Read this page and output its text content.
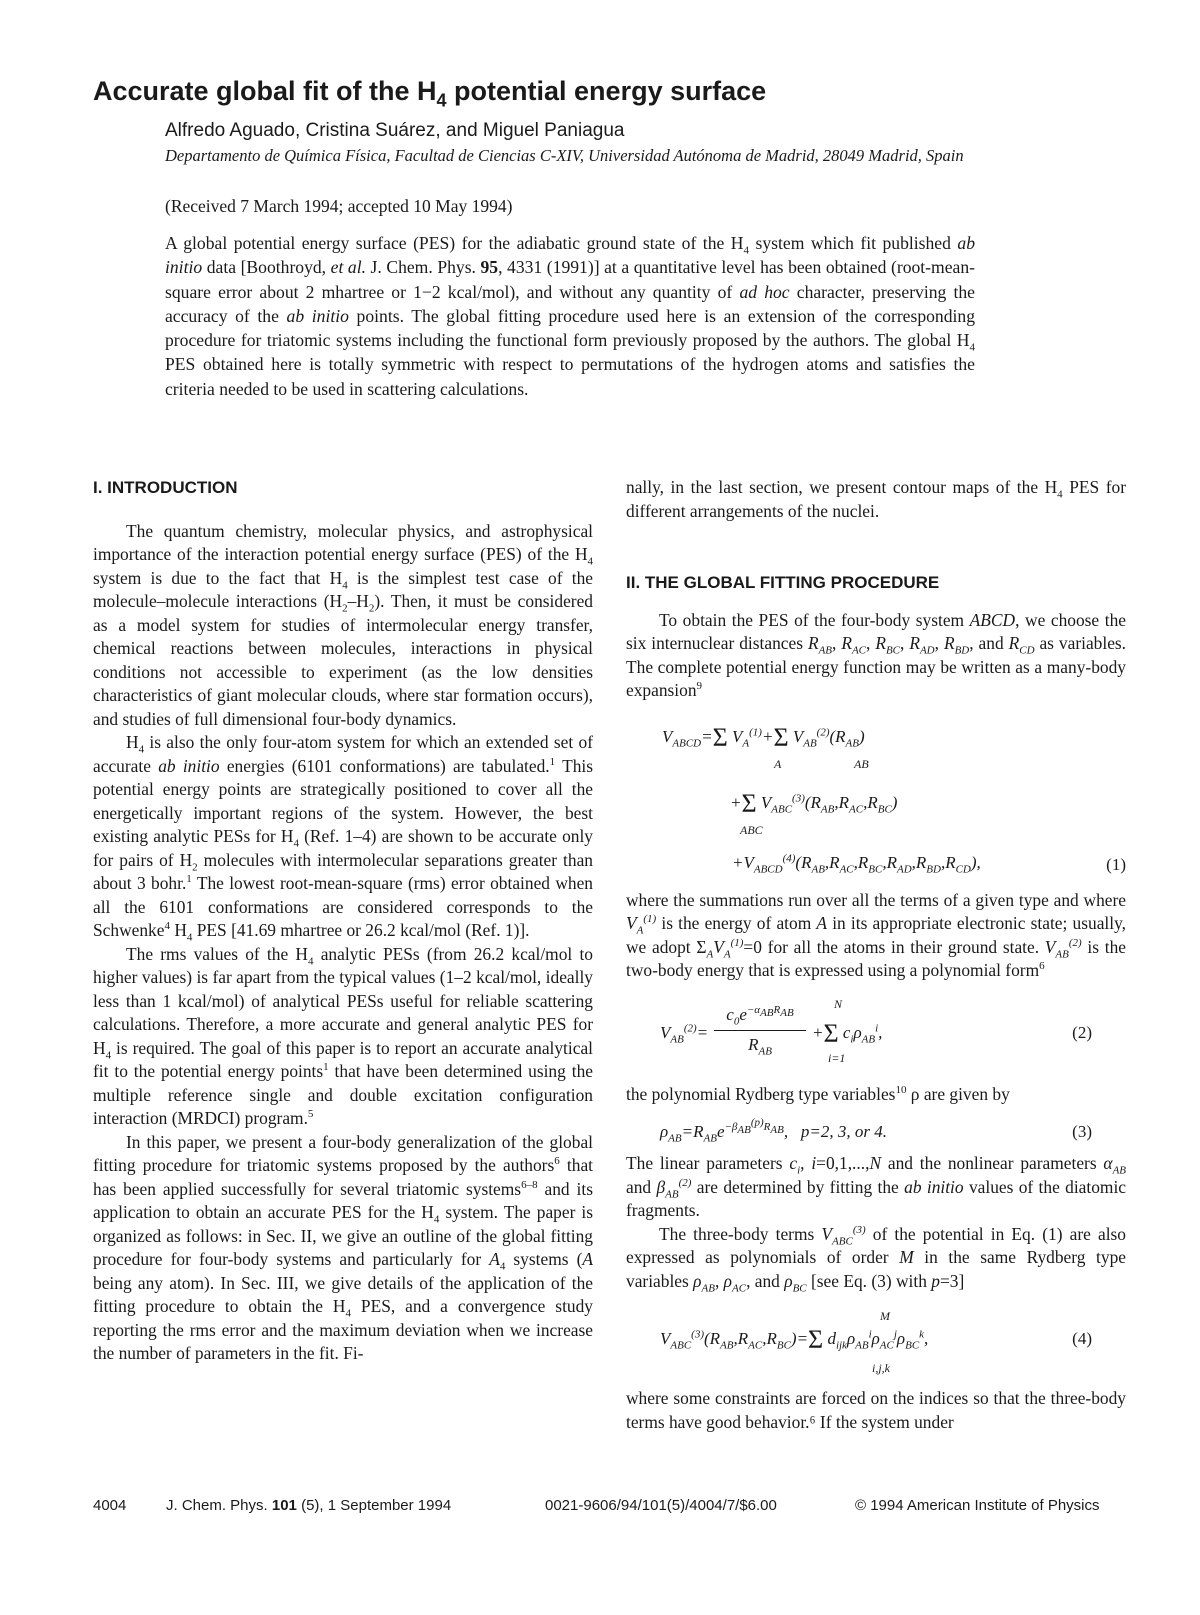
Accurate global fit of the $H_4$ potential energy surface
Alfredo Aguado, Cristina Suárez, and Miguel Paniagua
Departamento de Química Física, Facultad de Ciencias C-XIV, Universidad Autónoma de Madrid, 28049 Madrid, Spain
(Received 7 March 1994; accepted 10 May 1994)
A global potential energy surface (PES) for the adiabatic ground state of the $H_4$ system which fit published ab initio data [Boothroyd, et al. J. Chem. Phys. 95, 4331 (1991)] at a quantitative level has been obtained (root-mean-square error about 2 mhartree or 1−2 kcal/mol), and without any quantity of ad hoc character, preserving the accuracy of the ab initio points. The global fitting procedure used here is an extension of the corresponding procedure for triatomic systems including the functional form previously proposed by the authors. The global $H_4$ PES obtained here is totally symmetric with respect to permutations of the hydrogen atoms and satisfies the criteria needed to be used in scattering calculations.
I. INTRODUCTION

The quantum chemistry, molecular physics, and astrophysical importance of the interaction potential energy surface (PES) of the $H_4$ system is due to the fact that $H_4$ is the simplest test case of the molecule–molecule interactions $(H_2-H_2)$. Then, it must be considered as a model system for studies of intermolecular energy transfer, chemical reactions between molecules, interactions in physical conditions not accessible to experiment (as the low densities characteristics of giant molecular clouds, where star formation occurs), and studies of full dimensional four-body dynamics.

$H_4$ is also the only four-atom system for which an extended set of accurate ab initio energies (6101 conformations) are tabulated.$^1$ This potential energy points are strategically positioned to cover all the energetically important regions of the system. However, the best existing analytic PESs for $H_4$ (Ref. 1–4) are shown to be accurate only for pairs of $H_2$ molecules with intermolecular separations greater than about 3 bohr.$^1$ The lowest root-mean-square (rms) error obtained when all the 6101 conformations are considered corresponds to the Schwenke$^4$ $H_4$ PES [41.69 mhartree or 26.2 kcal/mol (Ref. 1)].

The rms values of the $H_4$ analytic PESs (from 26.2 kcal/mol to higher values) is far apart from the typical values (1–2 kcal/mol, ideally less than 1 kcal/mol) of analytical PESs useful for reliable scattering calculations. Therefore, a more accurate and general analytic PES for $H_4$ is required. The goal of this paper is to report an accurate analytical fit to the potential energy points$^1$ that have been determined using the multiple reference single and double excitation configuration interaction (MRDCI) program.$^5$

In this paper, we present a four-body generalization of the global fitting procedure for triatomic systems proposed by the authors$^6$ that has been applied successfully for several triatomic systems$^{6-8}$ and its application to obtain an accurate PES for the $H_4$ system. The paper is organized as follows: in Sec. II, we give an outline of the global fitting procedure for four-body systems and particularly for $A_4$ systems (A being any atom). In Sec. III, we give details of the application of the fitting procedure to obtain the $H_4$ PES, and a convergence study reporting the rms error and the maximum deviation when we increase the number of parameters in the fit. Fi-

nally, in the last section, we present contour maps of the $H_4$ PES for different arrangements of the nuclei.

II. THE GLOBAL FITTING PROCEDURE

To obtain the PES of the four-body system ABCD, we choose the six internuclear distances $R_{AB}$, $R_{AC}$, $R_{BC}$, $R_{AD}$, $R_{BD}$, and $R_{CD}$ as variables. The complete potential energy function may be written as a many-body expansion$^9$

$V_{ABCD}=\Sigma$ $V_A^{(1)}+\Sigma$ $V_{AB}^{(2)}(R_{AB})$
A	AB
+Σ $V_{ABC}^{(3)}(R_{AB},R_{AC},R_{BC})$
ABC
$+V_{ABCD}^{(4)}(R_{AB},R_{AC},R_{BC},R_{AD},R_{BD},R_{CD})$,	(1)

where the summations run over all the terms of a given type and where $V_A^{(1)}$ is the energy of atom A in its appropriate electronic state; usually, we adopt $\Sigma_AV_A^{(1)}=0$ for all the atoms in their ground state. $V_{AB}^{(2)}$ is the two-body energy that is expressed using a polynomial form$^6$

$V_{AB}^{(2)}=$
$c_0e^{-\alpha_{AB}R_{AB}}$
$R_{AB}$
+Σ $c_i\rho_{AB}^i$,
N
i=1
(2)

the polynomial Rydberg type variables$^{10}$ ρ are given by

$\rho_{AB}=R_{AB}e^{-\beta_{AB}^{(p)}R_{AB}}$,   p=2, 3, or 4.	(3)

The linear parameters $c_i$, i=0,1,...,N and the nonlinear parameters $\alpha_{AB}$ and $\beta_{AB}^{(2)}$ are determined by fitting the ab initio values of the diatomic fragments.

The three-body terms $V_{ABC}^{(3)}$ of the potential in Eq. (1) are also expressed as polynomials of order M in the same Rydberg type variables $\rho_{AB}$, $\rho_{AC}$, and $\rho_{BC}$ [see Eq. (3) with p=3]

M
$V_{ABC}^{(3)}(R_{AB},R_{AC},R_{BC})=\Sigma$ $d_{ijk}\rho_{AB}^i\rho_{AC}^j\rho_{BC}^k$,
i,j,k
(4)

where some constraints are forced on the indices so that the three-body terms have good behavior.⁶ If the system under

4004	J. Chem. Phys. 101 (5), 1 September 1994	0021-9606/94/101(5)/4004/7/$6.00	© 1994 American Institute of Physics
